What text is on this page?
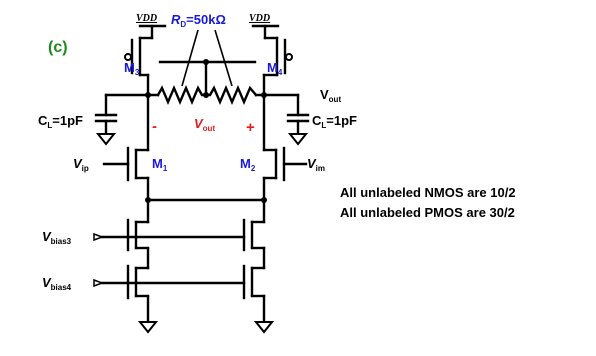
(c)
VDD	VDD
$M_3$	$M_4$
$R_D=50k\Omega$
-	+
$V_{out}$
$V_{out}$
$C_L=1pF$	$C_L=1pF$
$V_{ip}$	$M_1$	$V_{im}$
$M_2$
$V_{bias3}$
$V_{bias4}$
All unlabeled NMOS are 10/2
All unlabeled PMOS are 30/2
